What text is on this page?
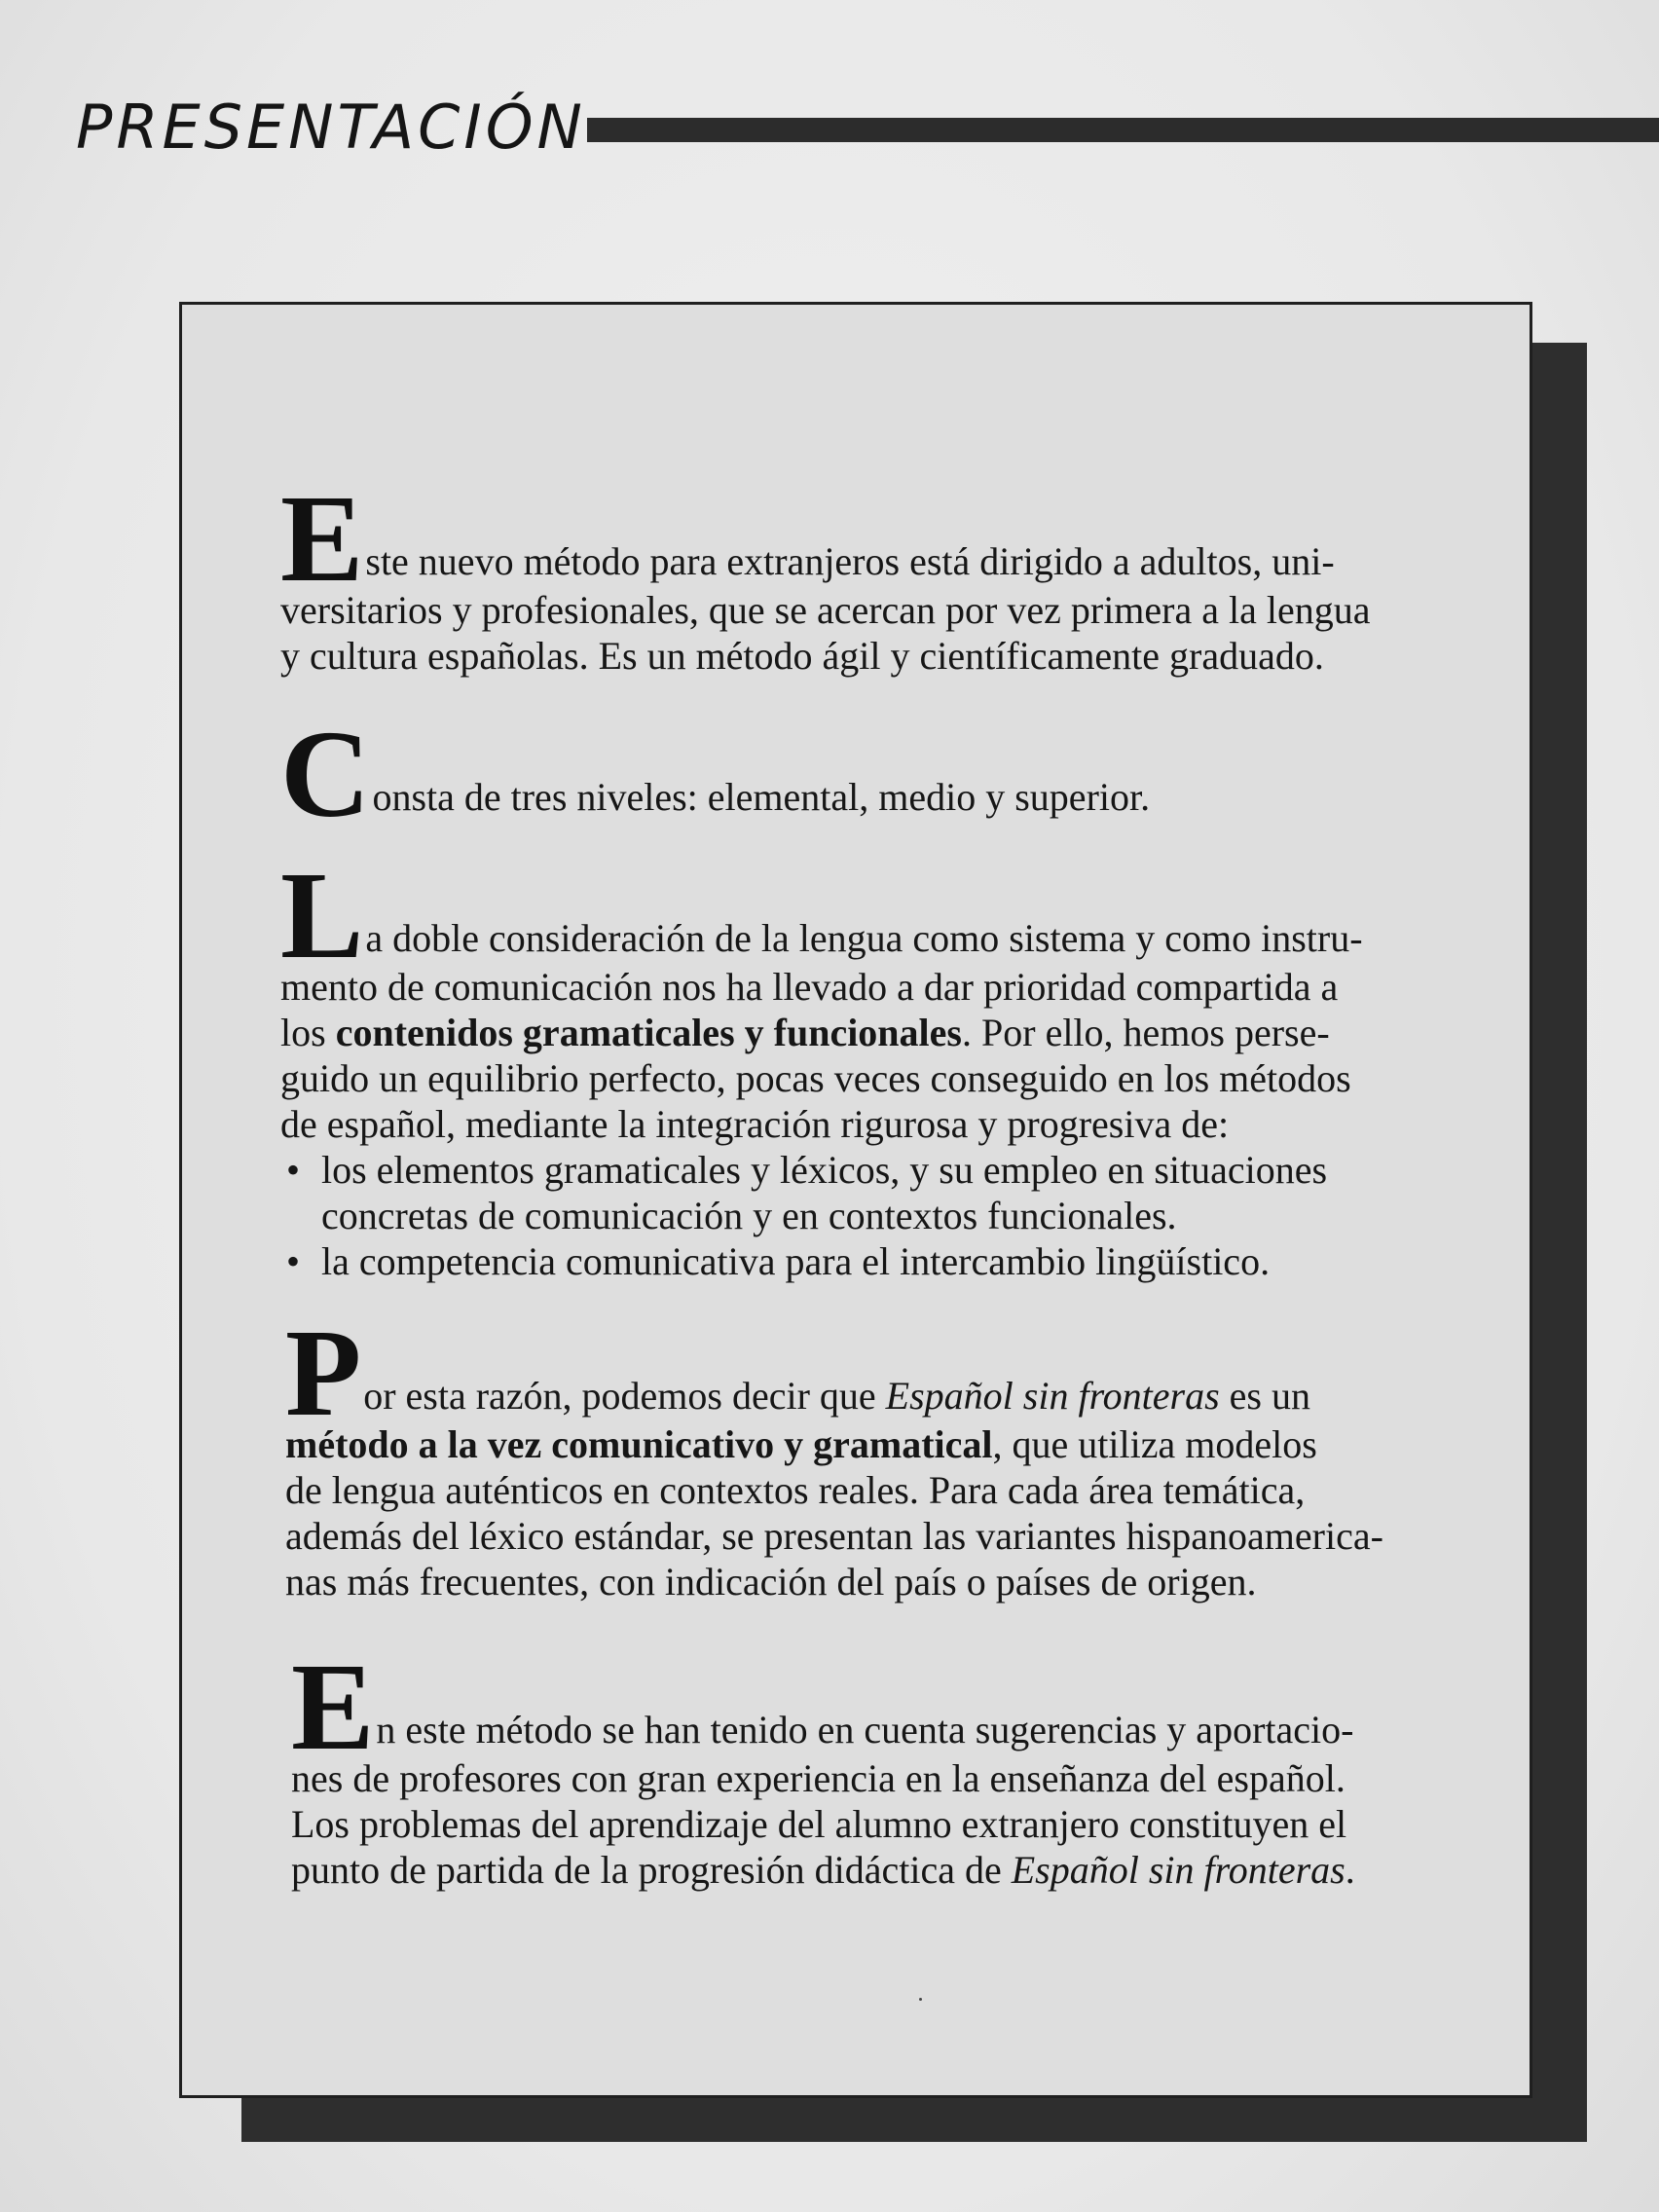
PRESENTACIÓN
Este nuevo método para extranjeros está dirigido a adultos, uni-
versitarios y profesionales, que se acercan por vez primera a la lengua
y cultura españolas. Es un método ágil y científicamente graduado.
Consta de tres niveles: elemental, medio y superior.
La doble consideración de la lengua como sistema y como instru-
mento de comunicación nos ha llevado a dar prioridad compartida a
los contenidos gramaticales y funcionales. Por ello, hemos perse-
guido un equilibrio perfecto, pocas veces conseguido en los métodos
de español, mediante la integración rigurosa y progresiva de:
• los elementos gramaticales y léxicos, y su empleo en situaciones
concretas de comunicación y en contextos funcionales.
• la competencia comunicativa para el intercambio lingüístico.
Por esta razón, podemos decir que Español sin fronteras es un
método a la vez comunicativo y gramatical, que utiliza modelos
de lengua auténticos en contextos reales. Para cada área temática,
además del léxico estándar, se presentan las variantes hispanoamerica-
nas más frecuentes, con indicación del país o países de origen.
En este método se han tenido en cuenta sugerencias y aportacio-
nes de profesores con gran experiencia en la enseñanza del español.
Los problemas del aprendizaje del alumno extranjero constituyen el
punto de partida de la progresión didáctica de Español sin fronteras.
